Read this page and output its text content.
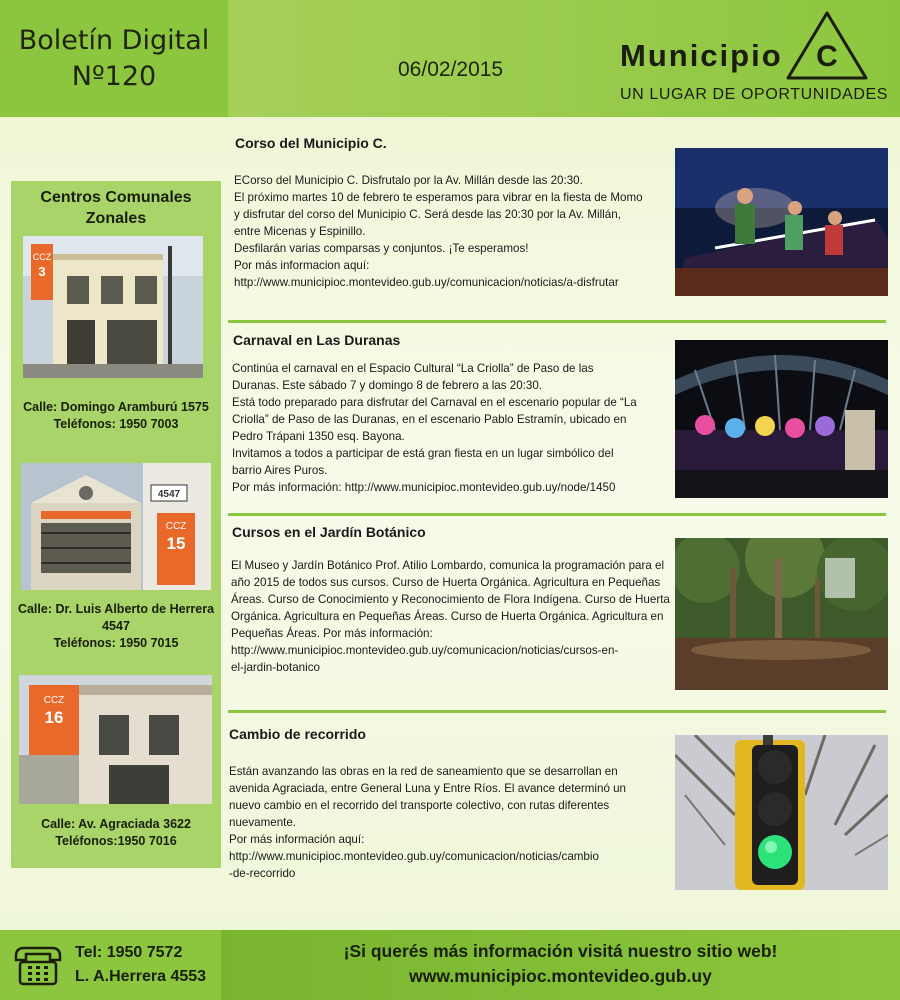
Boletín Digital
Nº120	06/02/2015	Municipio C
UN LUGAR DE OPORTUNIDADES
Centros Comunales
Zonales
CCZ
3
Calle: Domingo Aramburú 1575
Teléfonos: 1950 7003
4547
CCZ
15
Calle: Dr. Luis Alberto de Herrera
4547
Teléfonos: 1950 7015
CCZ
16
Calle: Av. Agraciada 3622
Teléfonos:1950 7016
Corso del Municipio C.

ECorso del Municipio C. Disfrutalo por la Av. Millán desde las 20:30.

El próximo martes 10 de febrero te esperamos para vibrar en la fiesta de Momo

y disfrutar del corso del Municipio C. Será desde las 20:30 por la Av. Millán,

entre Micenas y Espinillo.

Desfilarán varias comparsas y conjuntos. ¡Te esperamos!

Por más informacion aquí:

http://www.municipioc.montevideo.gub.uy/comunicacion/noticias/a-disfrutar

Carnaval en Las Duranas

Continúa el carnaval en el Espacio Cultural “La Criolla” de Paso de las

Duranas. Este sábado 7 y domingo 8 de febrero a las 20:30.

Está todo preparado para disfrutar del Carnaval en el escenario popular de “La

Criolla” de Paso de las Duranas, en el escenario Pablo Estramín, ubicado en

Pedro Trápani 1350 esq. Bayona.

Invitamos a todos a participar de está gran fiesta en un lugar simbólico del

barrio Aires Puros.

Por más información: http://www.municipioc.montevideo.gub.uy/node/1450

Cursos en el Jardín Botánico

El Museo y Jardín Botánico Prof. Atilio Lombardo, comunica la programación para el

año 2015 de todos sus cursos. Curso de Huerta Orgánica. Agricultura en Pequeñas

Áreas. Curso de Conocimiento y Reconocimiento de Flora Indígena. Curso de Huerta

Orgánica. Agricultura en Pequeñas Áreas. Curso de Huerta Orgánica. Agricultura en

Pequeñas Áreas. Por más información:

http://www.municipioc.montevideo.gub.uy/comunicacion/noticias/cursos-en-

el-jardin-botanico

Cambio de recorrido

Están avanzando las obras en la red de saneamiento que se desarrollan en

avenida Agraciada, entre General Luna y Entre Ríos. El avance determinó un

nuevo cambio en el recorrido del transporte colectivo, con rutas diferentes

nuevamente.

Por más información aquí:

http://www.municipioc.montevideo.gub.uy/comunicacion/noticias/cambio

-de-recorrido

Tel: 1950 7572
L. A.Herrera 4553
¡Si querés más información visitá nuestro sitio web!
www.municipioc.montevideo.gub.uy
